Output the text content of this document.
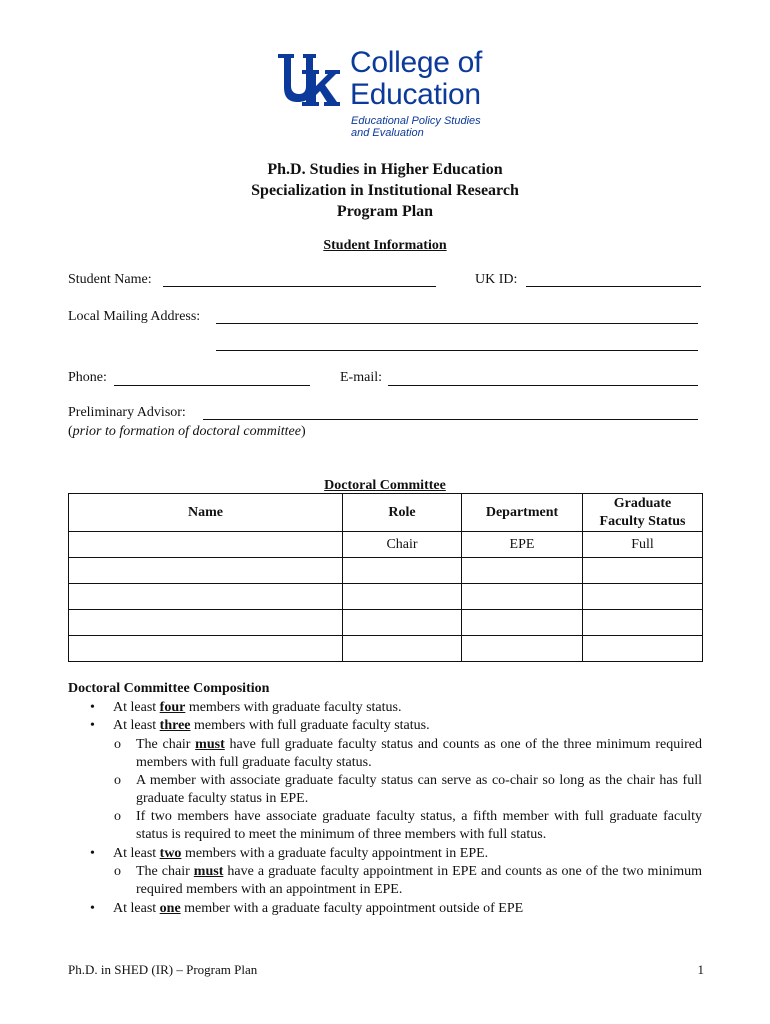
College of
Education
Educational Policy Studies
and Evaluation
Ph.D. Studies in Higher Education
Specialization in Institutional Research
Program Plan
Student Information
Student Name:	UK ID:
Local Mailing Address:
Phone:	E-mail:
Preliminary Advisor:
(prior to formation of doctoral committee)
Doctoral Committee
Name	Role	Department	Graduate
Faculty Status
	Chair	EPE	Full

Doctoral Committee Composition
• At least four members with graduate faculty status.
• At least three members with full graduate faculty status.
o The chair must have full graduate faculty status and counts as one of the three minimum required members with full graduate faculty status.
o A member with associate graduate faculty status can serve as co-chair so long as the chair has full graduate faculty status in EPE.
o If two members have associate graduate faculty status, a fifth member with full graduate faculty status is required to meet the minimum of three members with full status.
• At least two members with a graduate faculty appointment in EPE.
o The chair must have a graduate faculty appointment in EPE and counts as one of the two minimum required members with an appointment in EPE.
• At least one member with a graduate faculty appointment outside of EPE
Ph.D. in SHED (IR) – Program Plan	1
